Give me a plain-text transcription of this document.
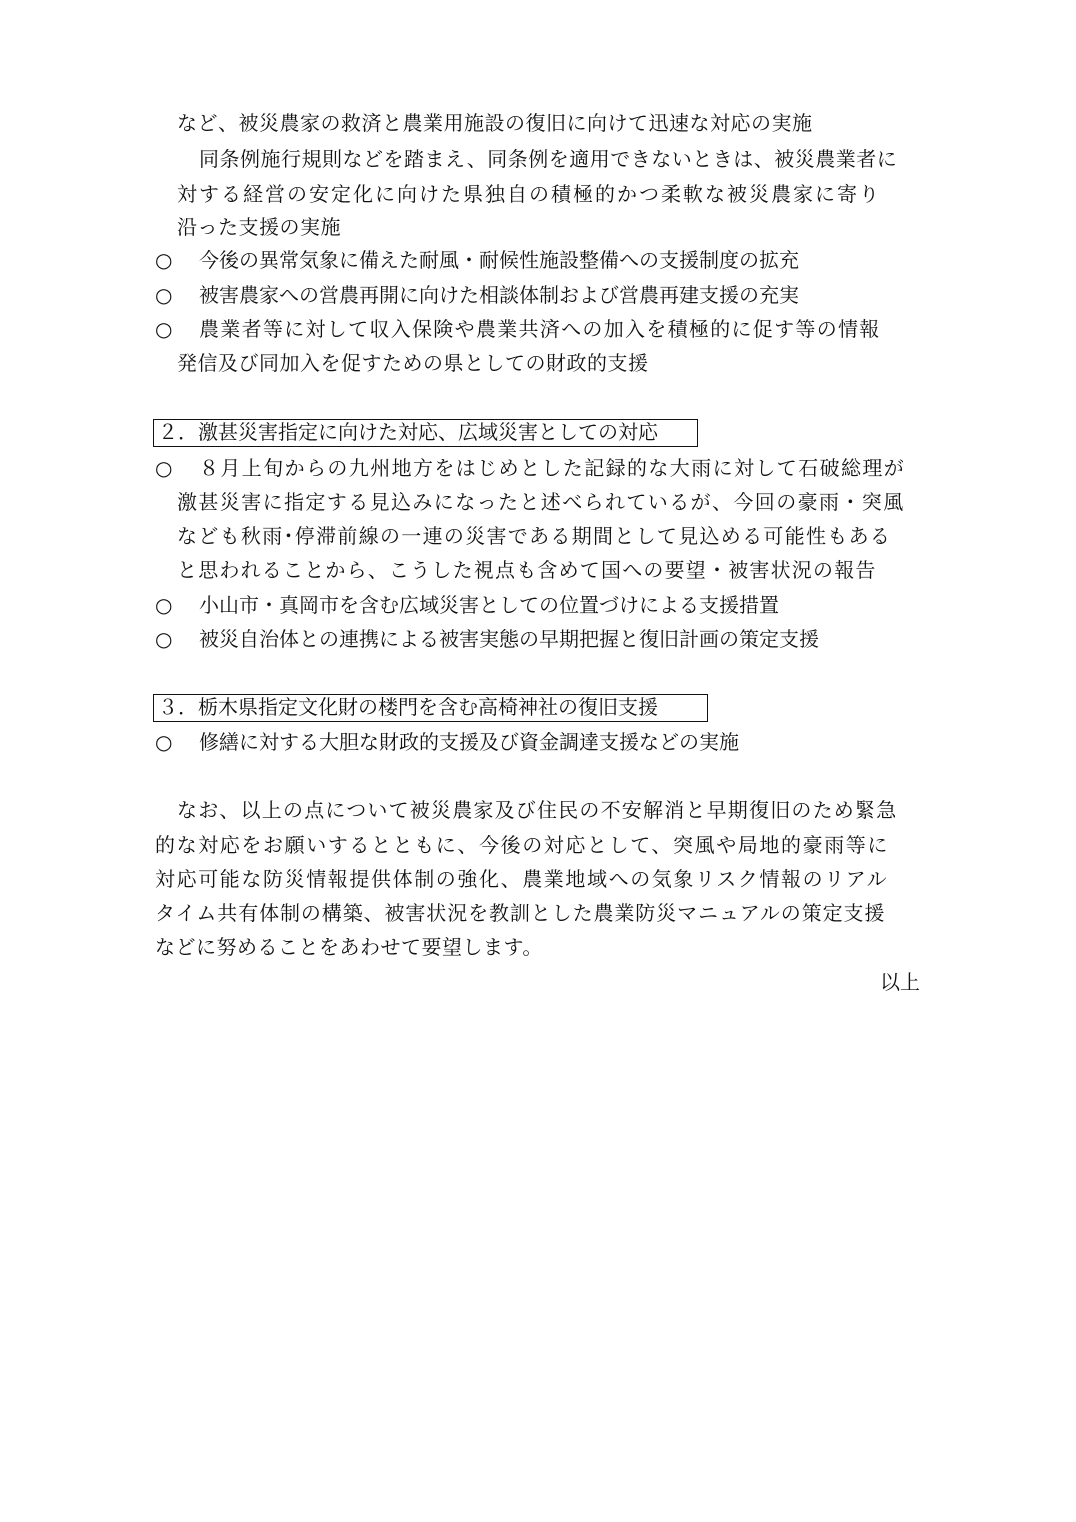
など、被災農家の救済と農業用施設の復旧に向けて迅速な対応の実施
同条例施行規則などを踏まえ、同条例を適用できないときは、被災農業者に
対する経営の安定化に向けた県独自の積極的かつ柔軟な被災農家に寄り
沿った支援の実施
○ 今後の異常気象に備えた耐風・耐候性施設整備への支援制度の拡充
○ 被害農家への営農再開に向けた相談体制および営農再建支援の充実
○ 農業者等に対して収入保険や農業共済への加入を積極的に促す等の情報
発信及び同加入を促すための県としての財政的支援
２．激甚災害指定に向けた対応、広域災害としての対応
○ ８月上旬からの九州地方をはじめとした記録的な大雨に対して石破総理が
激甚災害に指定する見込みになったと述べられているが、今回の豪雨・突風
なども秋雨･停滞前線の一連の災害である期間として見込める可能性もある
と思われることから、こうした視点も含めて国への要望・被害状況の報告
○ 小山市・真岡市を含む広域災害としての位置づけによる支援措置
○ 被災自治体との連携による被害実態の早期把握と復旧計画の策定支援
３．栃木県指定文化財の楼門を含む高椅神社の復旧支援
○ 修繕に対する大胆な財政的支援及び資金調達支援などの実施
なお、以上の点について被災農家及び住民の不安解消と早期復旧のため緊急
的な対応をお願いするとともに、今後の対応として、突風や局地的豪雨等に
対応可能な防災情報提供体制の強化、農業地域への気象リスク情報のリアル
タイム共有体制の構築、被害状況を教訓とした農業防災マニュアルの策定支援
などに努めることをあわせて要望します。
以上
